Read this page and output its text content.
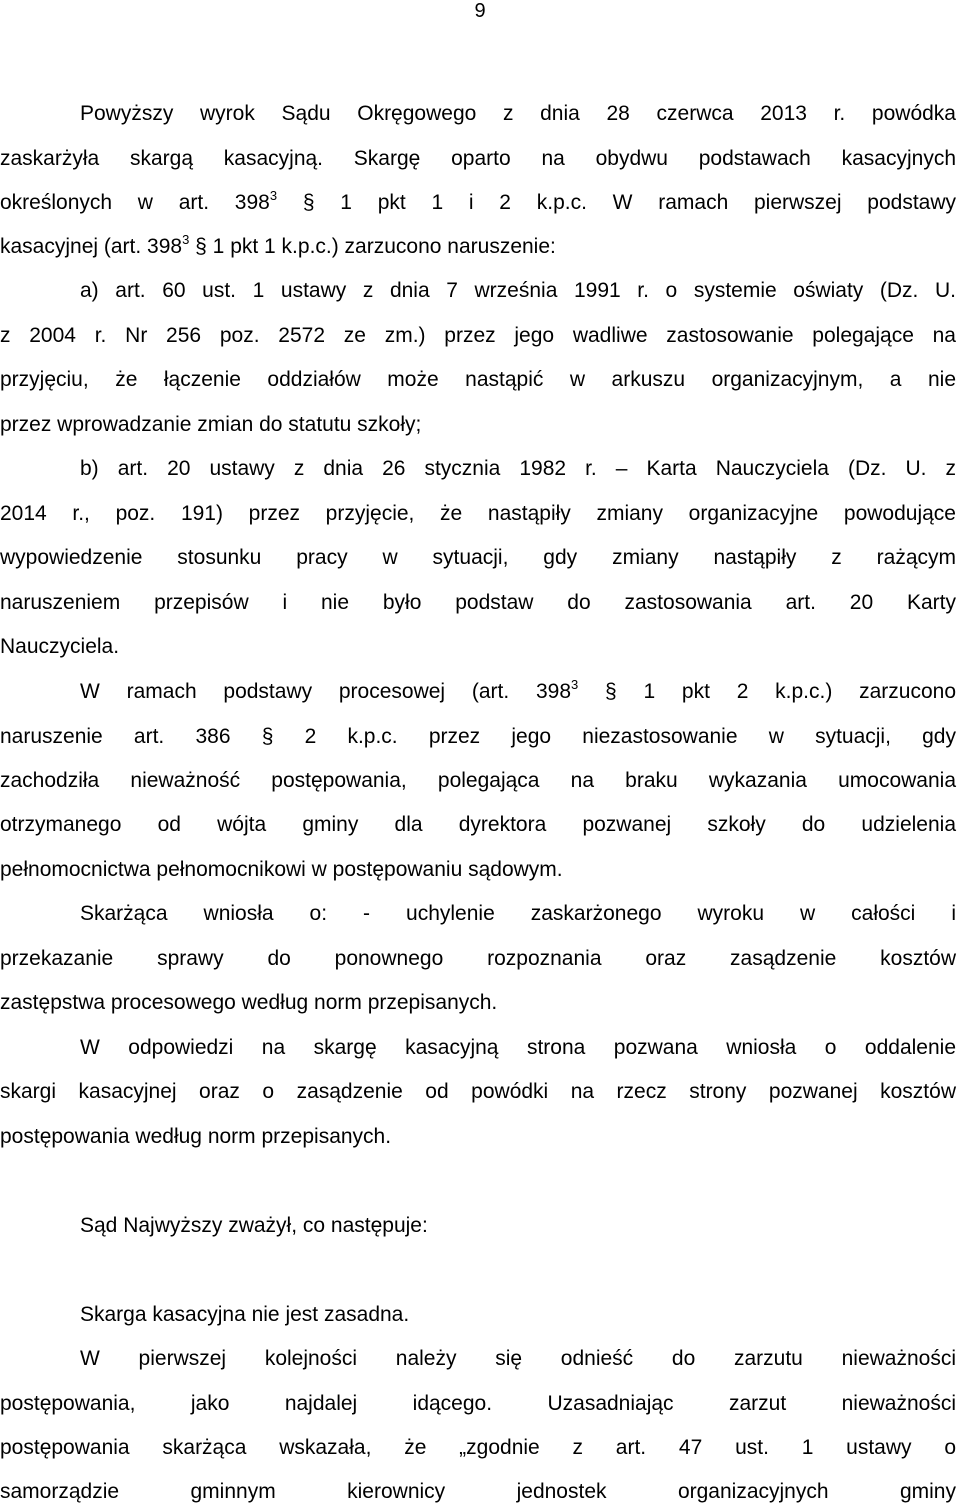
9
Powyższy wyrok Sądu Okręgowego z dnia 28 czerwca 2013 r. powódka
zaskarżyła skargą kasacyjną. Skargę oparto na obydwu podstawach kasacyjnych
określonych w art. $398^3$ § 1 pkt 1 i 2 k.p.c. W ramach pierwszej podstawy
kasacyjnej (art. $398^3$ § 1 pkt 1 k.p.c.) zarzucono naruszenie:
a) art. 60 ust. 1 ustawy z dnia 7 września 1991 r. o systemie oświaty (Dz. U.
z 2004 r. Nr 256 poz. 2572 ze zm.) przez jego wadliwe zastosowanie polegające na
przyjęciu, że łączenie oddziałów może nastąpić w arkuszu organizacyjnym, a nie
przez wprowadzanie zmian do statutu szkoły;
b) art. 20 ustawy z dnia 26 stycznia 1982 r. – Karta Nauczyciela (Dz. U. z
2014 r., poz. 191) przez przyjęcie, że nastąpiły zmiany organizacyjne powodujące
wypowiedzenie stosunku pracy w sytuacji, gdy zmiany nastąpiły z rażącym
naruszeniem przepisów i nie było podstaw do zastosowania art. 20 Karty
Nauczyciela.
W ramach podstawy procesowej (art. $398^3$ § 1 pkt 2 k.p.c.) zarzucono
naruszenie art. 386 § 2 k.p.c. przez jego niezastosowanie w sytuacji, gdy
zachodziła nieważność postępowania, polegająca na braku wykazania umocowania
otrzymanego od wójta gminy dla dyrektora pozwanej szkoły do udzielenia
pełnomocnictwa pełnomocnikowi w postępowaniu sądowym.
Skarżąca wniosła o: - uchylenie zaskarżonego wyroku w całości i
przekazanie sprawy do ponownego rozpoznania oraz zasądzenie kosztów
zastępstwa procesowego według norm przepisanych.
W odpowiedzi na skargę kasacyjną strona pozwana wniosła o oddalenie
skargi kasacyjnej oraz o zasądzenie od powódki na rzecz strony pozwanej kosztów
postępowania według norm przepisanych.
Sąd Najwyższy zważył, co następuje:
Skarga kasacyjna nie jest zasadna.
W pierwszej kolejności należy się odnieść do zarzutu nieważności
postępowania, jako najdalej idącego. Uzasadniając zarzut nieważności
postępowania skarżąca wskazała, że „zgodnie z art. 47 ust. 1 ustawy o
samorządzie gminnym kierownicy jednostek organizacyjnych gminy
